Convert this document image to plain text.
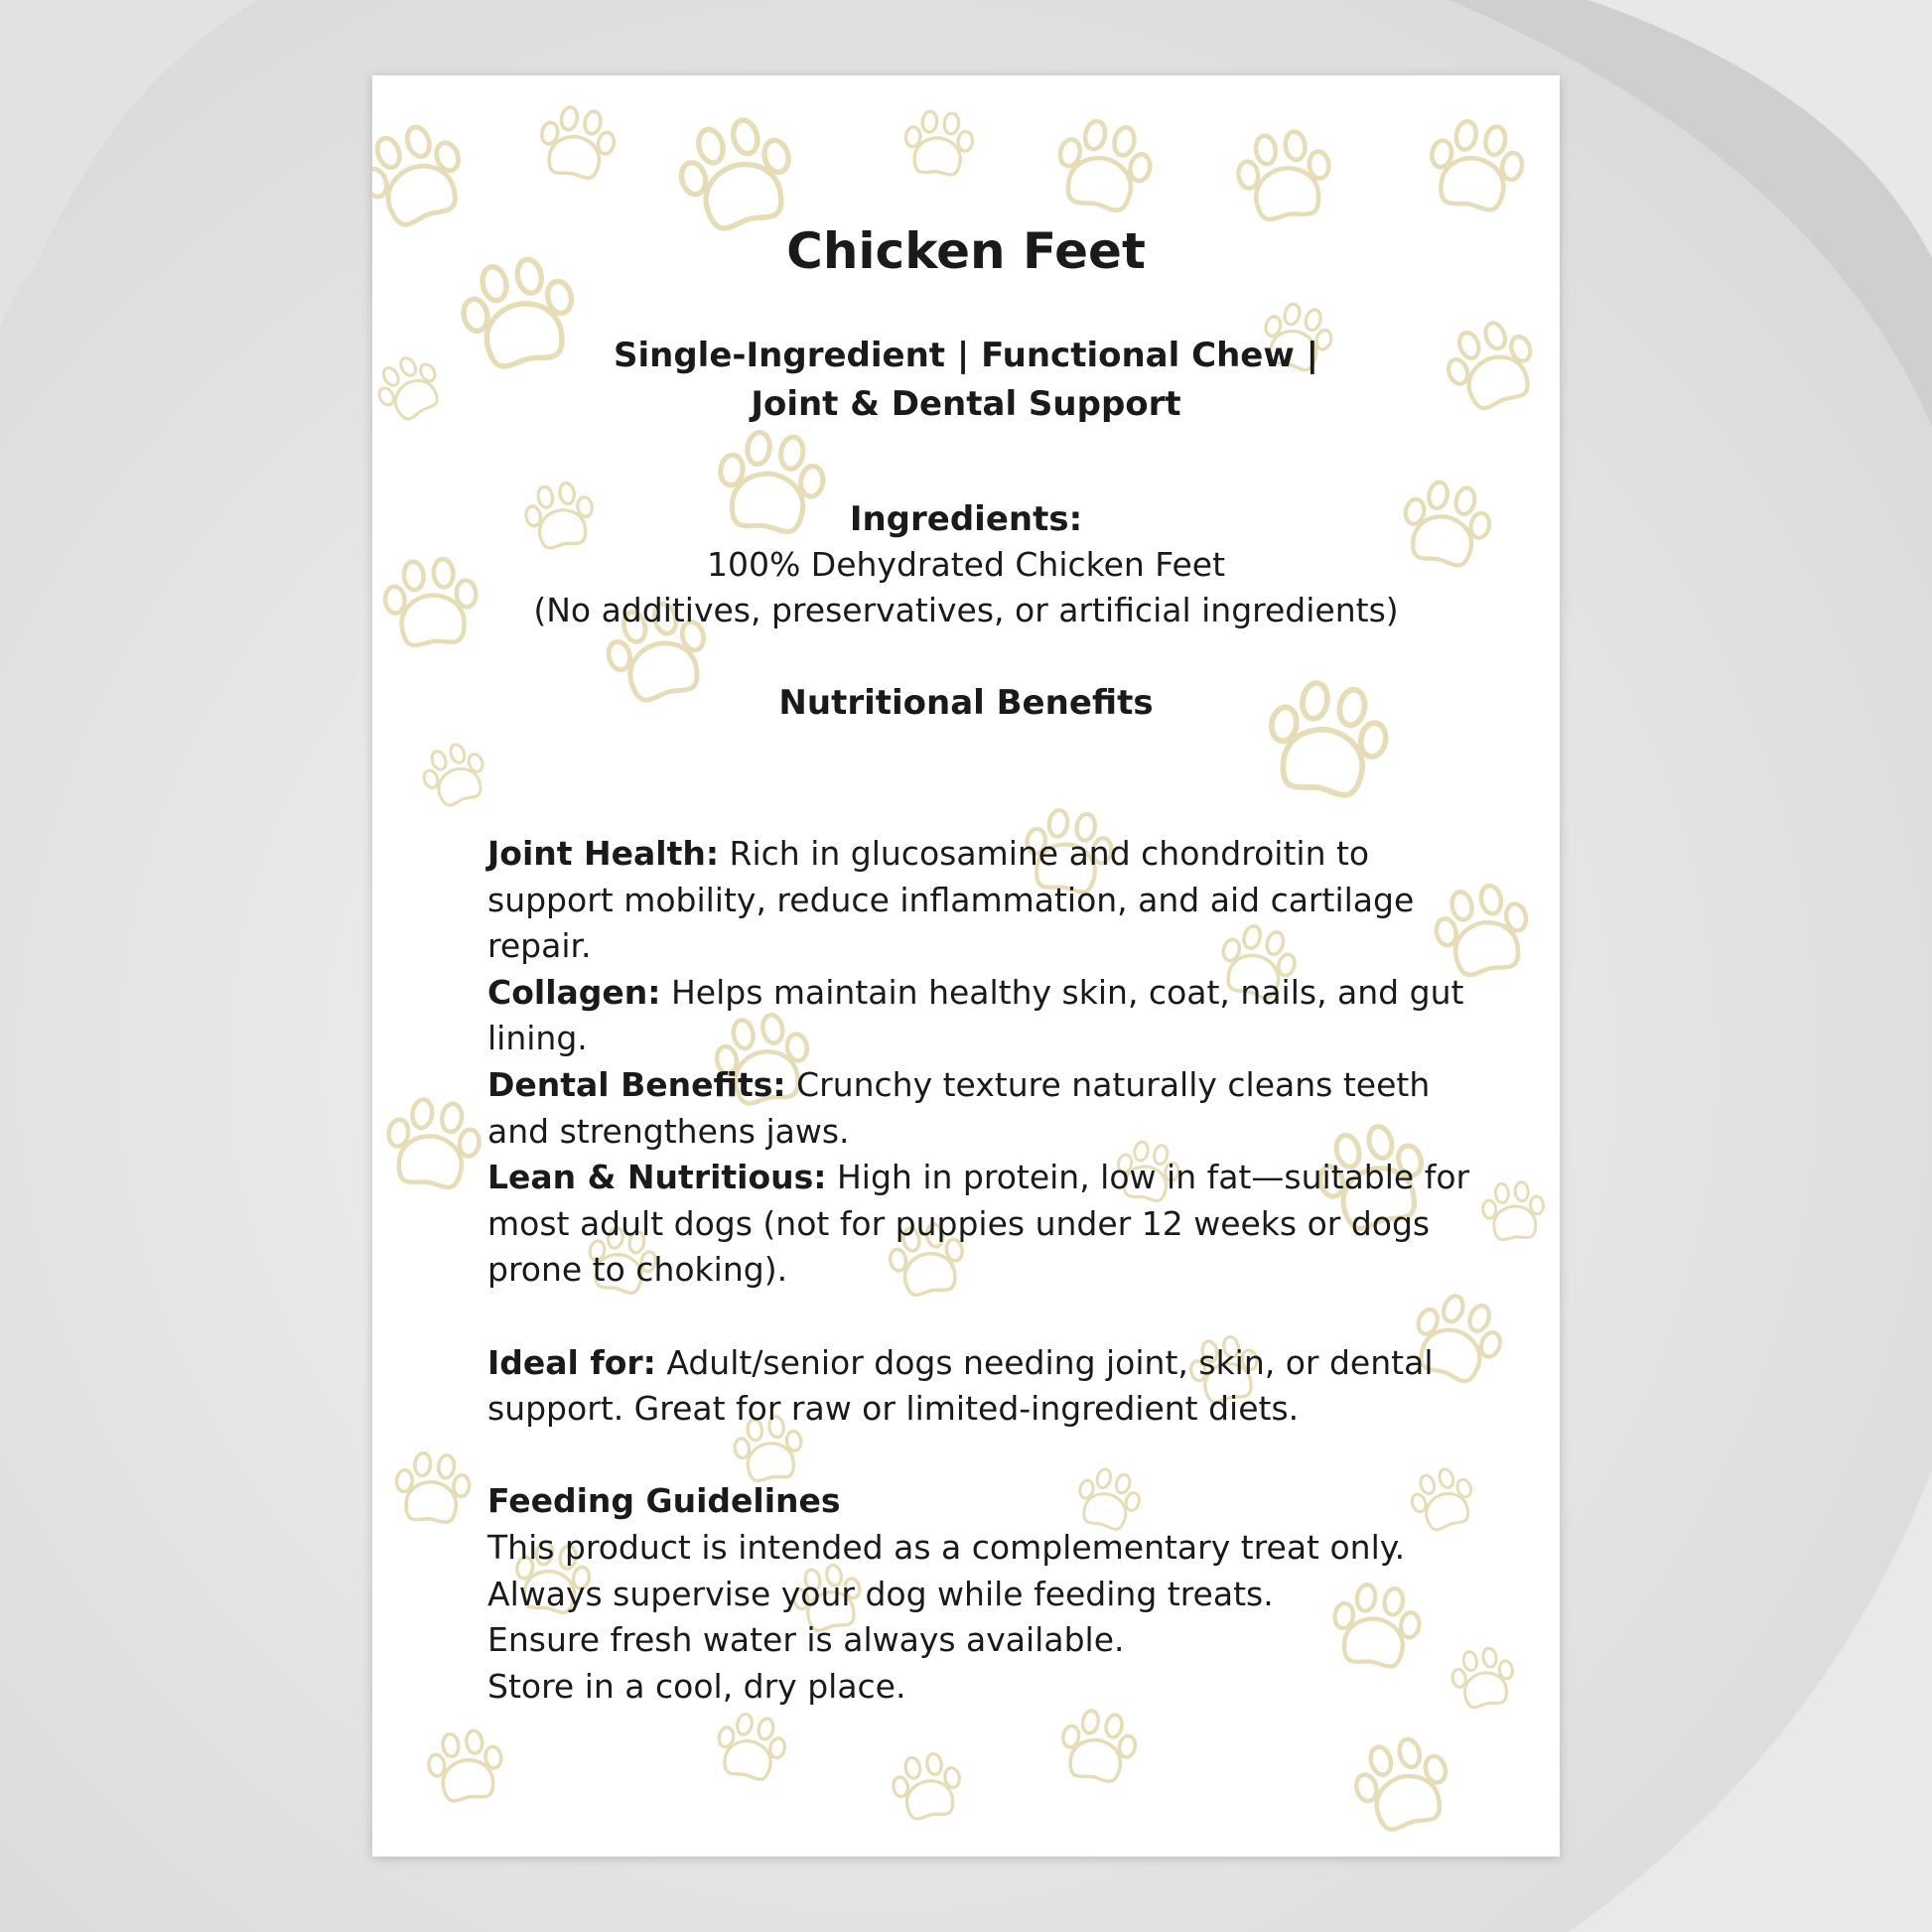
Chicken Feet
Single-Ingredient | Functional Chew |
Joint & Dental Support
Ingredients:
100% Dehydrated Chicken Feet
(No additives, preservatives, or artificial ingredients)
Nutritional Benefits

Joint Health: Rich in glucosamine and chondroitin to support mobility, reduce inflammation, and aid cartilage repair.

Collagen: Helps maintain healthy skin, coat, nails, and gut lining.

Dental Benefits: Crunchy texture naturally cleans teeth and strengthens jaws.

Lean & Nutritious: High in protein, low in fat—suitable for most adult dogs (not for puppies under 12 weeks or dogs prone to choking).

Ideal for: Adult/senior dogs needing joint, skin, or dental support. Great for raw or limited-ingredient diets.

Feeding Guidelines

This product is intended as a complementary treat only.

Always supervise your dog while feeding treats.

Ensure fresh water is always available.

Store in a cool, dry place.
